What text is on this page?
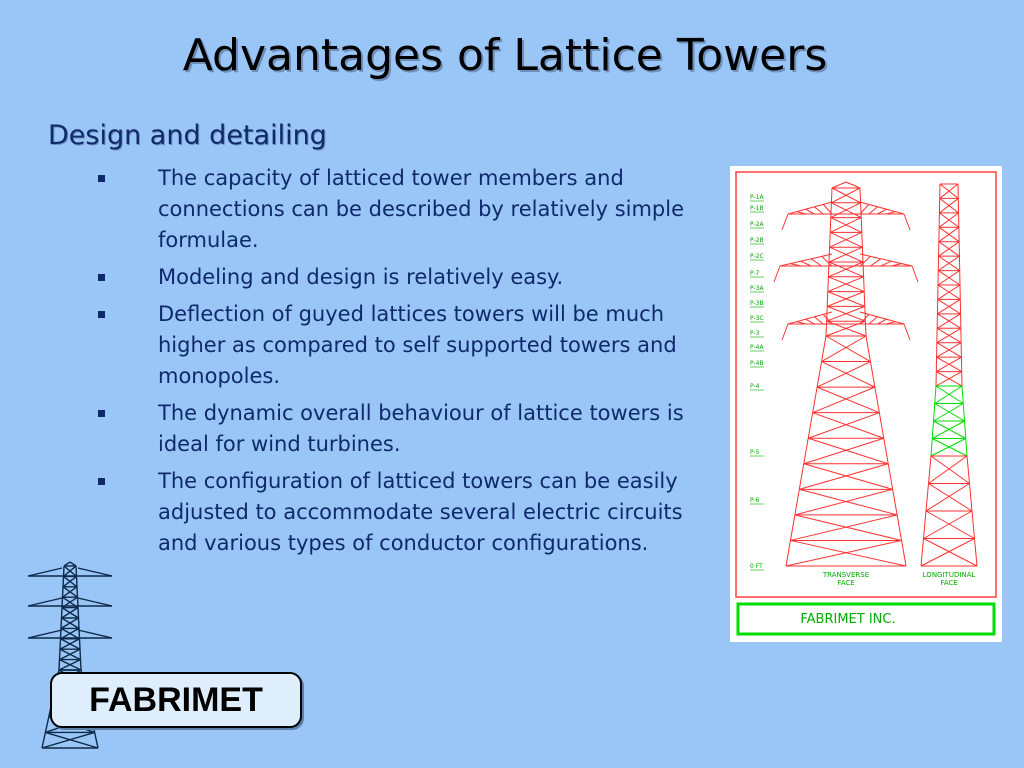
Advantages of Lattice Towers
Design and detailing
The capacity of latticed tower members and connections can be described by relatively simple formulae.
Modeling and design is relatively easy.
Deflection of guyed lattices towers will be much higher as compared to self supported towers and monopoles.
The dynamic overall behaviour of lattice towers is ideal for wind turbines.
The configuration of latticed towers can be easily adjusted to accommodate several electric circuits and various types of conductor configurations.
P-1A
P-1B
P-2A
P-2B
P-2C
P-7
P-3A
P-3B
P-3C
P-3
P-4A
P-4B
P-4
P-5
P-6
0 FT
TRANSVERSE
FACE
LONGITUDINAL
FACE
FABRIMET INC.
FABRIMET
